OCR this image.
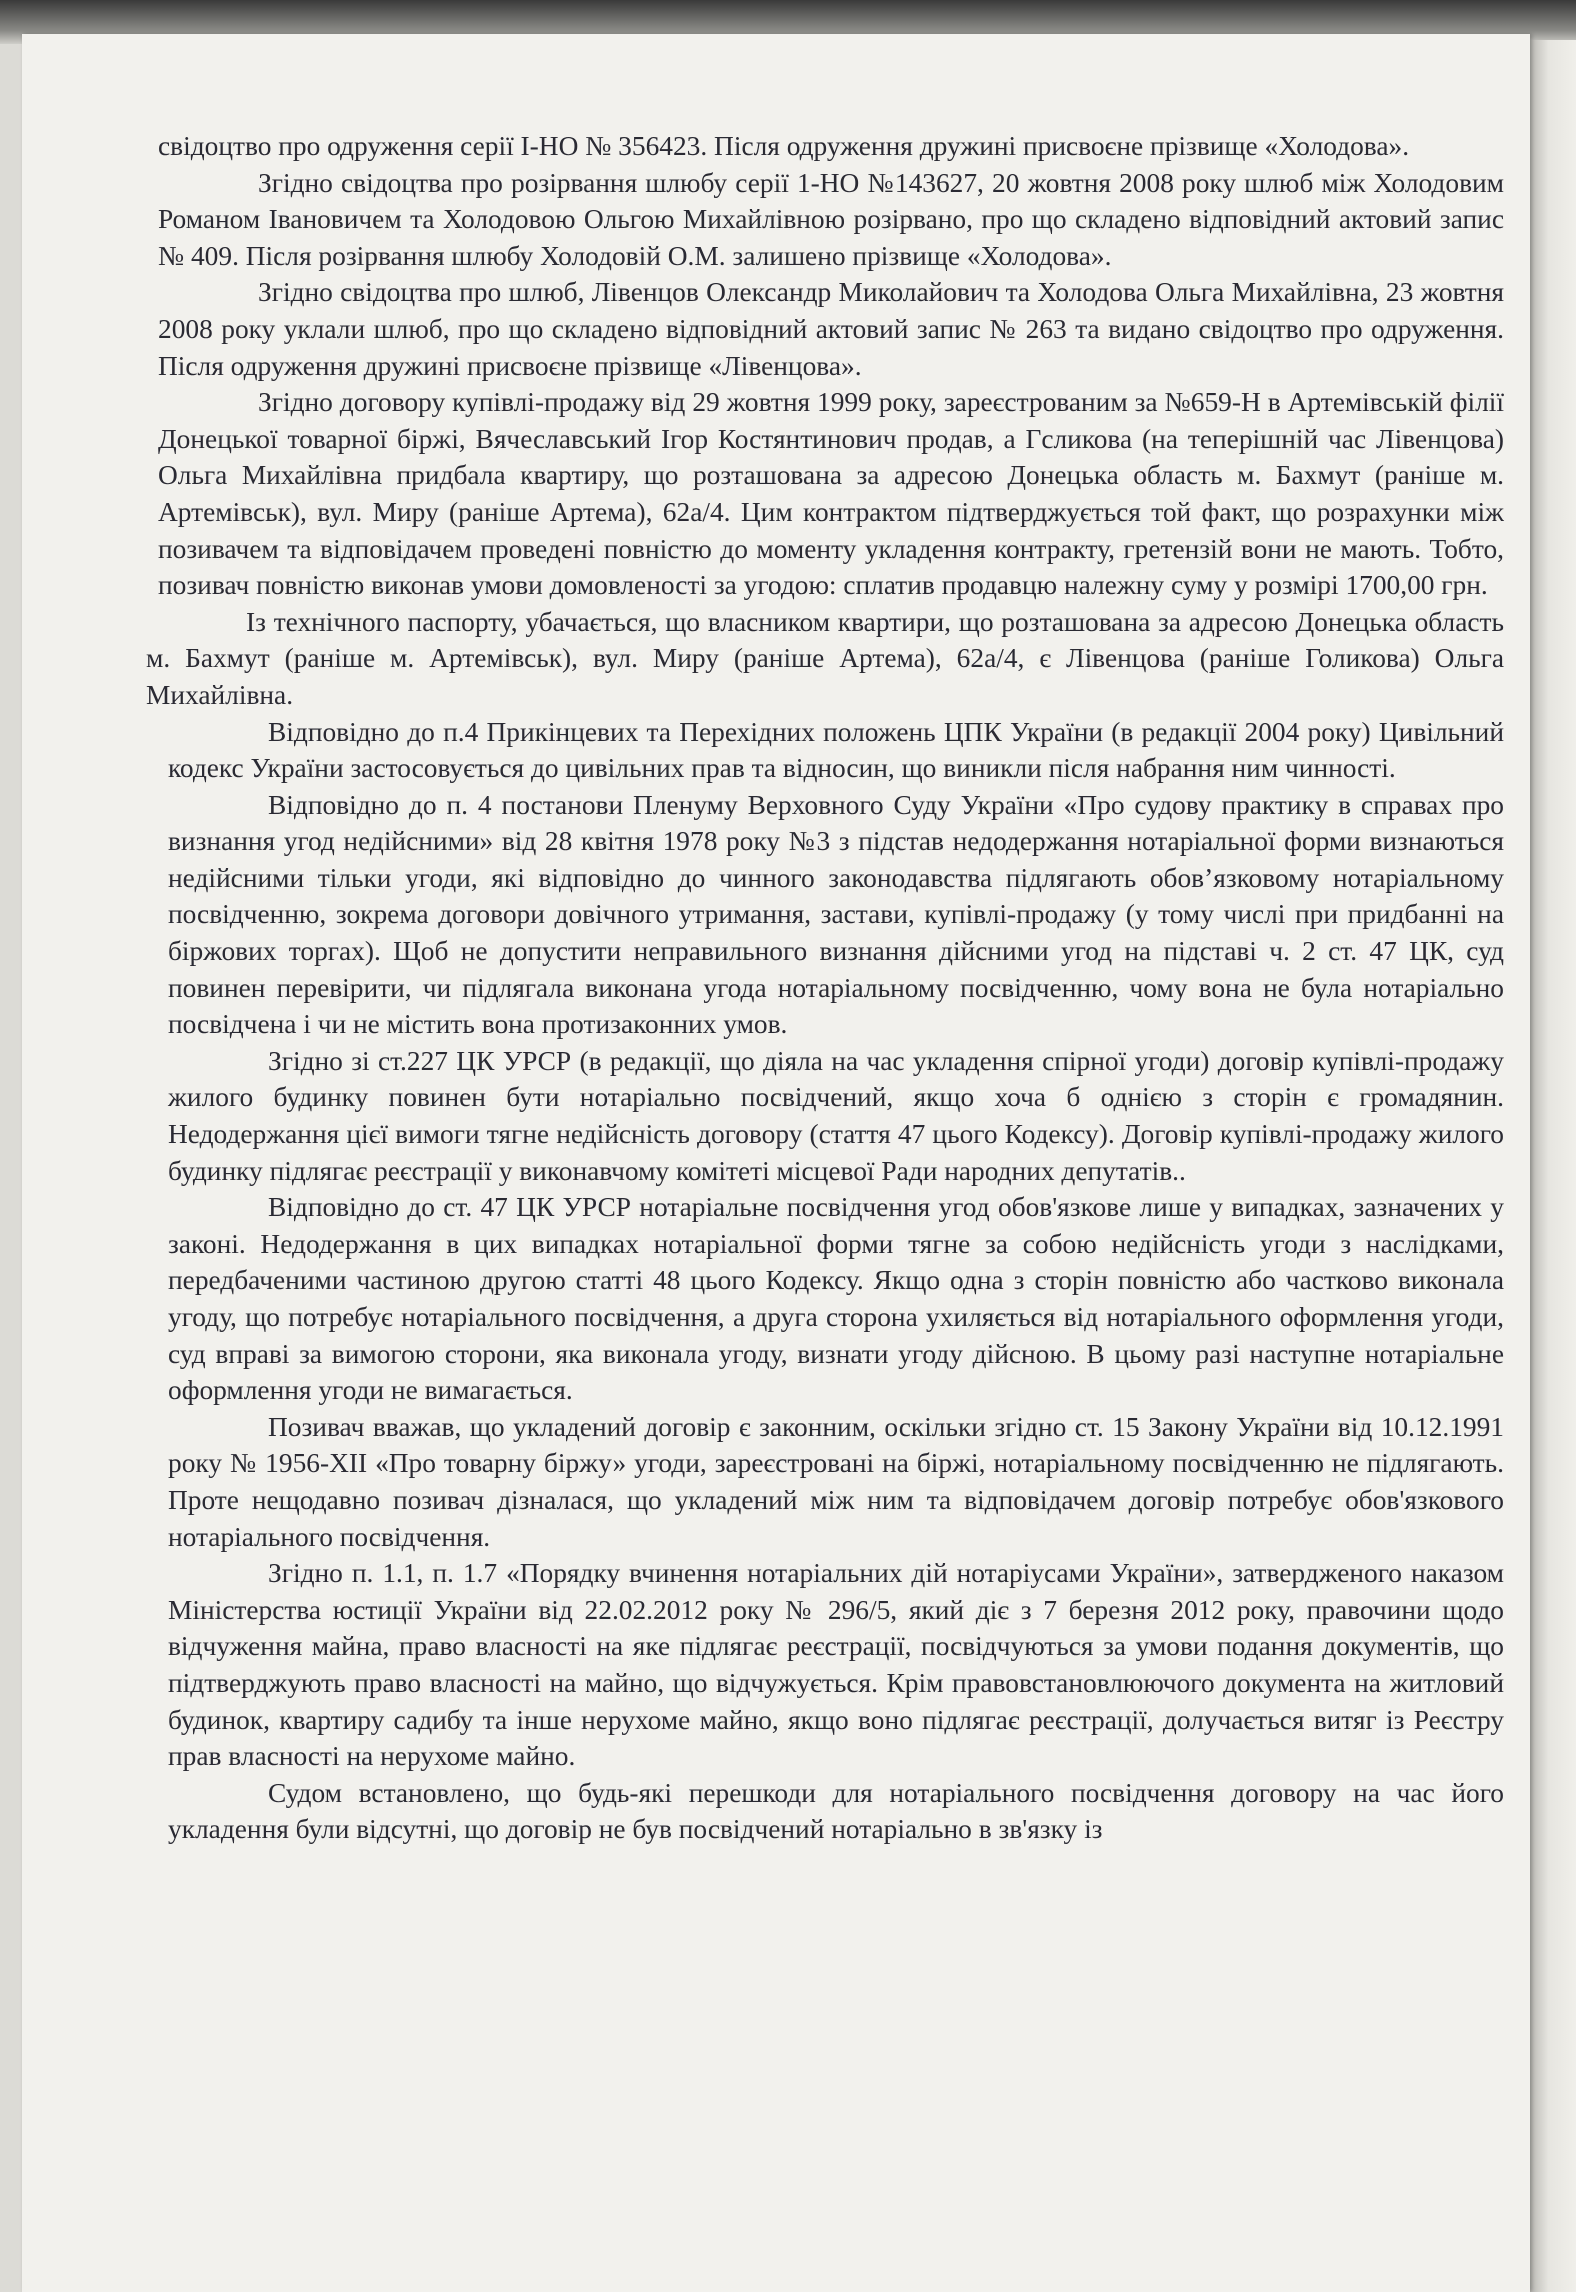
свідоцтво про одруження серії І-НО № 356423. Після одруження дружині присвоєне прізвище «Холодова».

Згідно свідоцтва про розірвання шлюбу серії 1-НО №143627, 20 жовтня 2008 року шлюб між Холодовим Романом Івановичем та Холодовою Ольгою Михайлівною розірвано, про що складено відповідний актовий запис № 409. Після розірвання шлюбу Холодовій О.М. залишено прізвище «Холодова».

Згідно свідоцтва про шлюб, Лівенцов Олександр Миколайович та Холодова Ольга Михайлівна, 23 жовтня 2008 року уклали шлюб, про що складено відповідний актовий запис № 263 та видано свідоцтво про одруження. Після одруження дружині присвоєне прізвище «Лівенцова».

Згідно договору купівлі-продажу від 29 жовтня 1999 року, зареєстрованим за №659-Н в Артемівській філії Донецької товарної біржі, Вячеславський Ігор Костянтинович продав, а Гсликова (на теперішній час Лівенцова) Ольга Михайлівна придбала квартиру, що розташована за адресою Донецька область м. Бахмут (раніше м. Артемівськ), вул. Миру (раніше Артема), 62а/4. Цим контрактом підтверджується той факт, що розрахунки між позивачем та відповідачем проведені повністю до моменту укладення контракту, гретензій вони не мають. Тобто, позивач повністю виконав умови домовленості за угодою: сплатив продавцю належну суму у розмірі 1700,00 грн.

Із технічного паспорту, убачається, що власником квартири, що розташована за адресою Донецька область м. Бахмут (раніше м. Артемівськ), вул. Миру (раніше Артема), 62а/4, є Лівенцова (раніше Голикова) Ольга Михайлівна.

Відповідно до п.4 Прикінцевих та Перехідних положень ЦПК України (в редакції 2004 року) Цивільний кодекс України застосовується до цивільних прав та відносин, що виникли після набрання ним чинності.

Відповідно до п. 4 постанови Пленуму Верховного Суду України «Про судову практику в справах про визнання угод недійсними» від 28 квітня 1978 року №3 з підстав недодержання нотаріальної форми визнаються недійсними тільки угоди, які відповідно до чинного законодавства підлягають обов’язковому нотаріальному посвідченню, зокрема договори довічного утримання, застави, купівлі-продажу (у тому числі при придбанні на біржових торгах). Щоб не допустити неправильного визнання дійсними угод на підставі ч. 2 ст. 47 ЦК, суд повинен перевірити, чи підлягала виконана угода нотаріальному посвідченню, чому вона не була нотаріально посвідчена і чи не містить вона протизаконних умов.

Згідно зі ст.227 ЦК УРСР (в редакції, що діяла на час укладення спірної угоди) договір купівлі-продажу жилого будинку повинен бути нотаріально посвідчений, якщо хоча б однією з сторін є громадянин. Недодержання цієї вимоги тягне недійсність договору (стаття 47 цього Кодексу). Договір купівлі-продажу жилого будинку підлягає реєстрації у виконавчому комітеті місцевої Ради народних депутатів..

Відповідно до ст. 47 ЦК УРСР нотаріальне посвідчення угод обов'язкове лише у випадках, зазначених у законі. Недодержання в цих випадках нотаріальної форми тягне за собою недійсність угоди з наслідками, передбаченими частиною другою статті 48 цього Кодексу. Якщо одна з сторін повністю або частково виконала угоду, що потребує нотаріального посвідчення, а друга сторона ухиляється від нотаріального оформлення угоди, суд вправі за вимогою сторони, яка виконала угоду, визнати угоду дійсною. В цьому разі наступне нотаріальне оформлення угоди не вимагається.

Позивач вважав, що укладений договір є законним, оскільки згідно ст. 15 Закону України від 10.12.1991 року № 1956-XII «Про товарну біржу» угоди, зареєстровані на біржі, нотаріальному посвідченню не підлягають. Проте нещодавно позивач дізналася, що укладений між ним та відповідачем договір потребує обов'язкового нотаріального посвідчення.

Згідно п. 1.1, п. 1.7 «Порядку вчинення нотаріальних дій нотаріусами України», затвердженого наказом Міністерства юстиції України від 22.02.2012 року № 296/5, який діє з 7 березня 2012 року, правочини щодо відчуження майна, право власності на яке підлягає реєстрації, посвідчуються за умови подання документів, що підтверджують право власності на майно, що відчужується. Крім правовстановлюючого документа на житловий будинок, квартиру садибу та інше нерухоме майно, якщо воно підлягає реєстрації, долучається витяг із Реєстру прав власності на нерухоме майно.

Судом встановлено, що будь-які перешкоди для нотаріального посвідчення договору на час його укладення були відсутні, що договір не був посвідчений нотаріально в зв'язку із
